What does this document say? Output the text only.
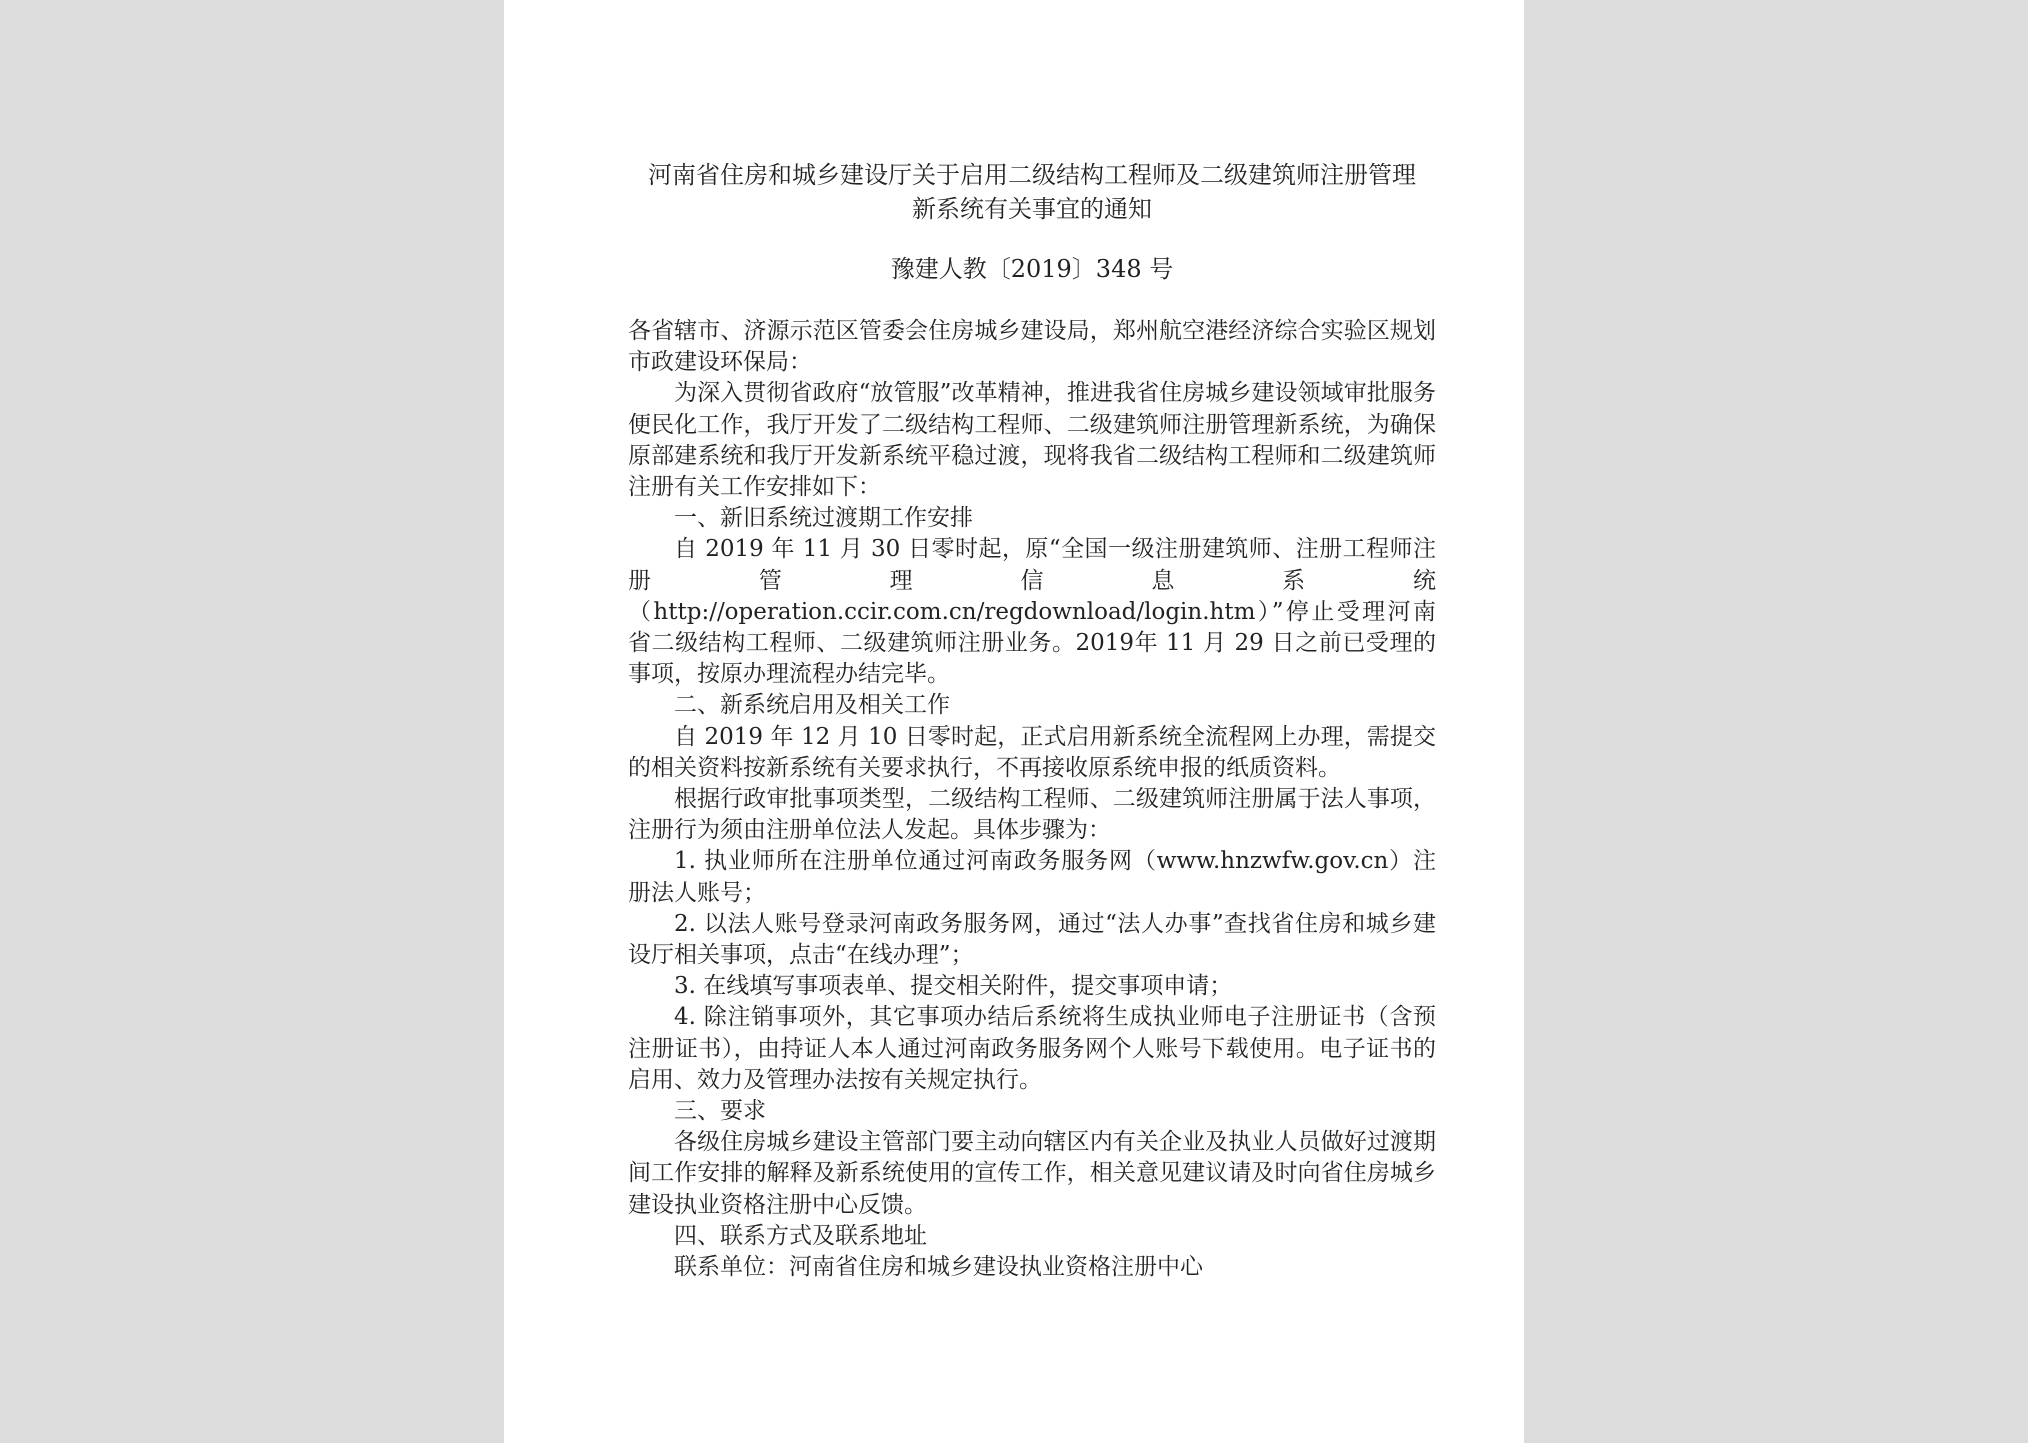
河南省住房和城乡建设厅关于启用二级结构工程师及二级建筑师注册管理
新系统有关事宜的通知
豫建人教〔2019〕348 号

各省辖市、济源示范区管委会住房城乡建设局，郑州航空港经济综合实验区规划市政建设环保局：

为深入贯彻省政府“放管服”改革精神，推进我省住房城乡建设领域审批服务便民化工作，我厅开发了二级结构工程师、二级建筑师注册管理新系统，为确保原部建系统和我厅开发新系统平稳过渡，现将我省二级结构工程师和二级建筑师注册有关工作安排如下：

一、新旧系统过渡期工作安排

自 2019 年 11 月 30 日零时起，原“全国一级注册建筑师、注册工程师注册管理信息系统（http://operation.ccir.com.cn/regdownload/login.htm）”停止受理河南省二级结构工程师、二级建筑师注册业务。2019年 11 月 29 日之前已受理的事项，按原办理流程办结完毕。

二、新系统启用及相关工作

自 2019 年 12 月 10 日零时起，正式启用新系统全流程网上办理，需提交的相关资料按新系统有关要求执行，不再接收原系统申报的纸质资料。

根据行政审批事项类型，二级结构工程师、二级建筑师注册属于法人事项，注册行为须由注册单位法人发起。具体步骤为：

1. 执业师所在注册单位通过河南政务服务网（www.hnzwfw.gov.cn）注册法人账号；

2. 以法人账号登录河南政务服务网，通过“法人办事”查找省住房和城乡建设厅相关事项，点击“在线办理”；

3. 在线填写事项表单、提交相关附件，提交事项申请；

4. 除注销事项外，其它事项办结后系统将生成执业师电子注册证书（含预注册证书），由持证人本人通过河南政务服务网个人账号下载使用。电子证书的启用、效力及管理办法按有关规定执行。

三、要求

各级住房城乡建设主管部门要主动向辖区内有关企业及执业人员做好过渡期间工作安排的解释及新系统使用的宣传工作，相关意见建议请及时向省住房城乡建设执业资格注册中心反馈。

四、联系方式及联系地址

联系单位：河南省住房和城乡建设执业资格注册中心
